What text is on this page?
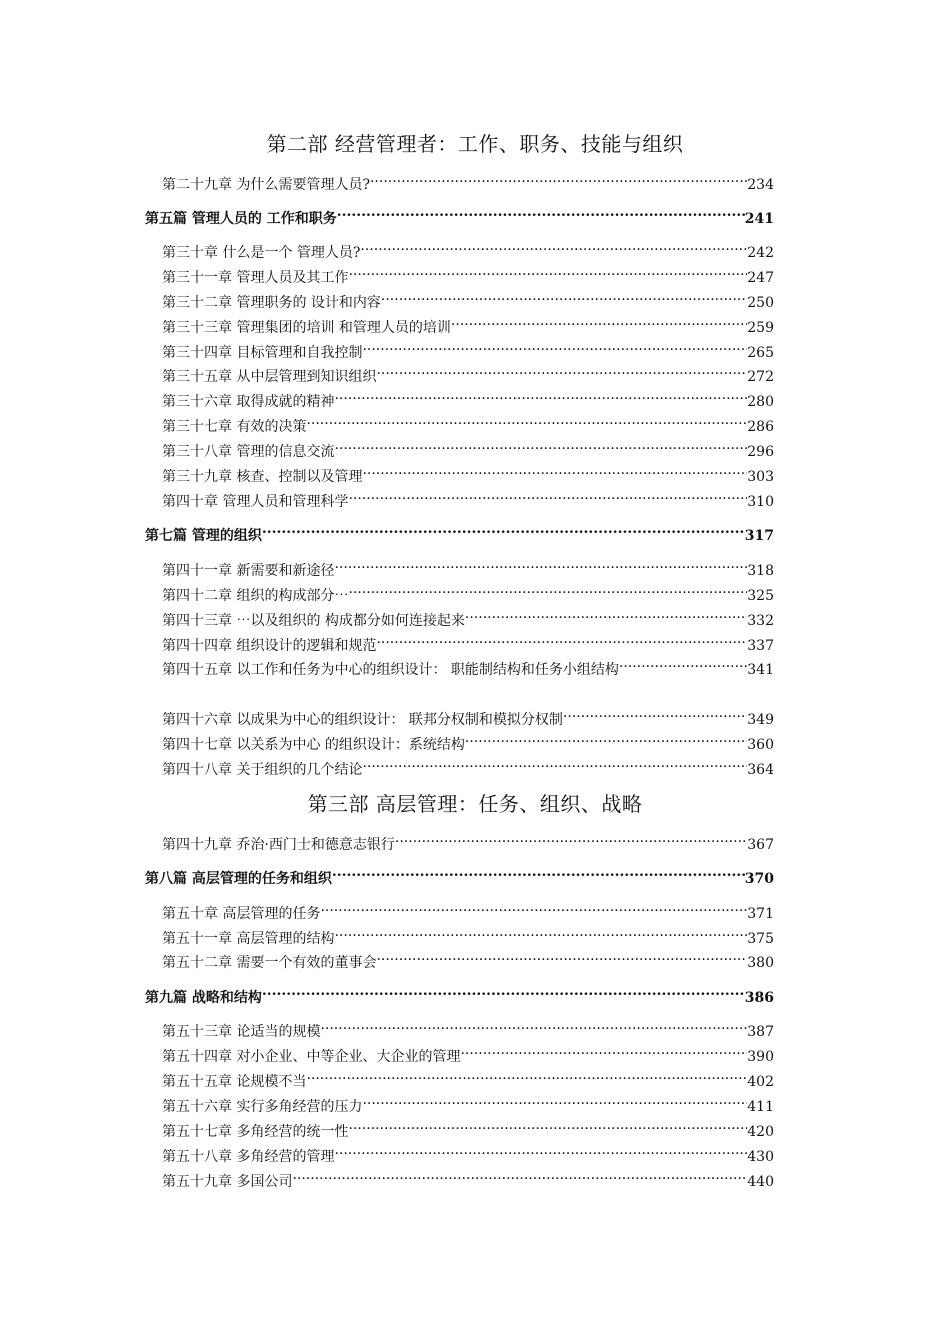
第二部 经营管理者：工作、职务、技能与组织
第二十九章 为什么需要管理人员? .....	234
第五篇 管理人员的 工作和职务 .....	241
第三十章 什么是一个 管理人员? .....	242
第三十一章 管理人员及其工作 .....	247
第三十二章 管理职务的 设计和内容 .....	250
第三十三章 管理集团的培训 和管理人员的培训 .....	259
第三十四章 目标管理和自我控制 .....	265
第三十五章 从中层管理到知识组织 .....	272
第三十六章 取得成就的精神 .....	280
第三十七章 有效的决策 .....	286
第三十八章 管理的信息交流 .....	296
第三十九章 核查、控制以及管理 .....	303
第四十章 管理人员和管理科学 .....	310
第七篇 管理的组织 .....	317
第四十一章 新需要和新途径 .....	318
第四十二章 组织的构成部分⋯ .....	325
第四十三章 ⋯以及组织的 构成都分如何连接起来 .....	332
第四十四章 组织设计的逻辑和规范 .....	337
第四十五章 以工作和任务为中心的组织设计： 职能制结构和任务小组结构 .....	341
第四十六章 以成果为中心的组织设计： 联邦分权制和模拟分权制 .....	349
第四十七章 以关系为中心 的组织设计：系统结构 .....	360
第四十八章 关于组织的几个结论 .....	364
第三部 高层管理：任务、组织、战略
第四十九章 乔治·西门士和德意志银行 .....	367
第八篇 高层管理的任务和组织 .....	370
第五十章 高层管理的任务 .....	371
第五十一章 高层管理的结构 .....	375
第五十二章 需要一个有效的董事会 .....	380
第九篇 战略和结构 .....	386
第五十三章 论适当的规模 .....	387
第五十四章 对小企业、中等企业、大企业的管理 .....	390
第五十五章 论规模不当 .....	402
第五十六章 实行多角经营的压力 .....	411
第五十七章 多角经营的统一性 .....	420
第五十八章 多角经营的管理 .....	430
第五十九章 多国公司 .....	440
